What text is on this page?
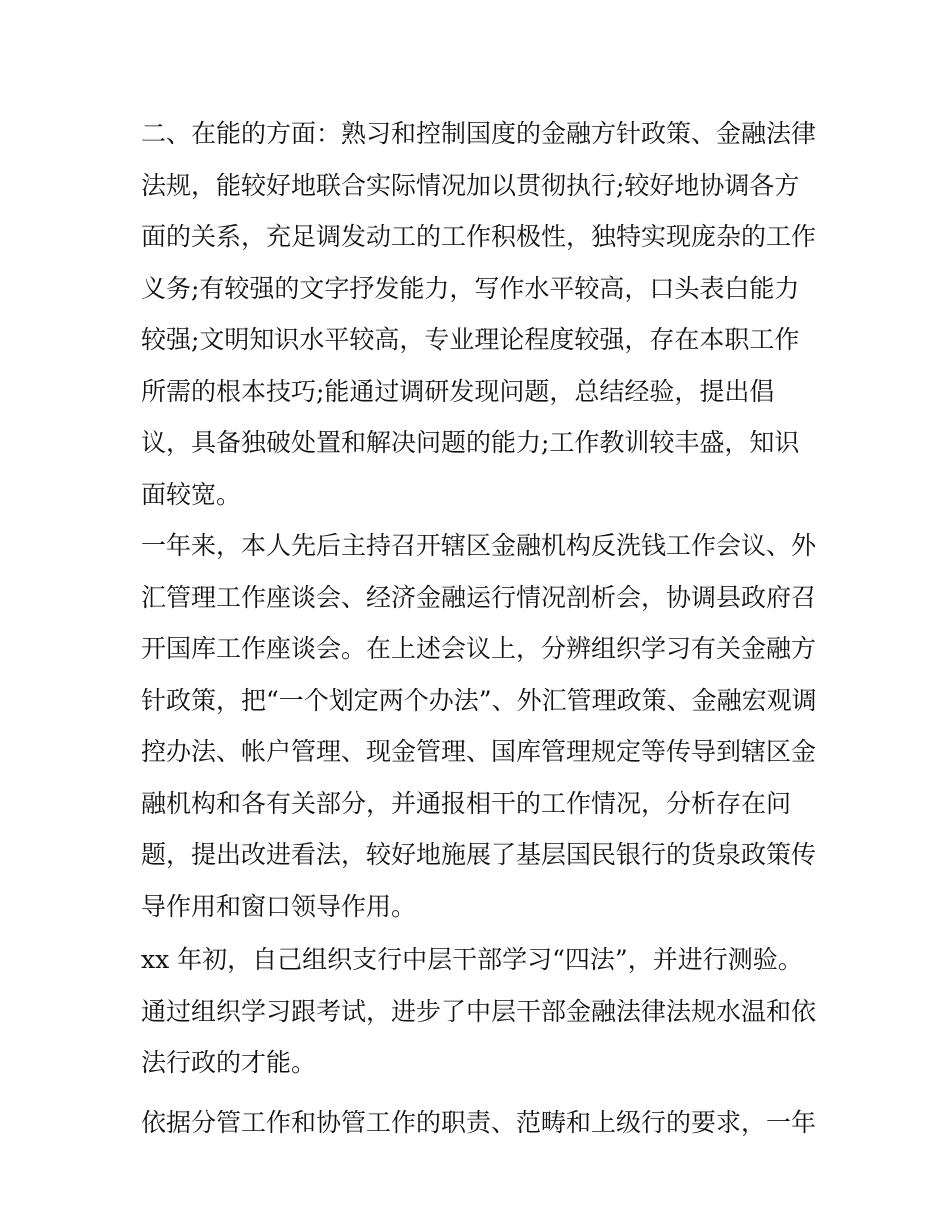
二、在能的方面：熟习和控制国度的金融方针政策、金融法律
法规，能较好地联合实际情况加以贯彻执行;较好地协调各方
面的关系，充足调发动工的工作积极性，独特实现庞杂的工作
义务;有较强的文字抒发能力，写作水平较高，口头表白能力
较强;文明知识水平较高，专业理论程度较强，存在本职工作
所需的根本技巧;能通过调研发现问题，总结经验，提出倡
议，具备独破处置和解决问题的能力;工作教训较丰盛，知识
面较宽。
一年来，本人先后主持召开辖区金融机构反洗钱工作会议、外
汇管理工作座谈会、经济金融运行情况剖析会，协调县政府召
开国库工作座谈会。在上述会议上，分辨组织学习有关金融方
针政策，把“一个划定两个办法”、外汇管理政策、金融宏观调
控办法、帐户管理、现金管理、国库管理规定等传导到辖区金
融机构和各有关部分，并通报相干的工作情况，分析存在问
题，提出改进看法，较好地施展了基层国民银行的货泉政策传
导作用和窗口领导作用。
xx 年初，自己组织支行中层干部学习“四法”，并进行测验。
通过组织学习跟考试，进步了中层干部金融法律法规水温和依
法行政的才能。
依据分管工作和协管工作的职责、范畴和上级行的要求，一年
